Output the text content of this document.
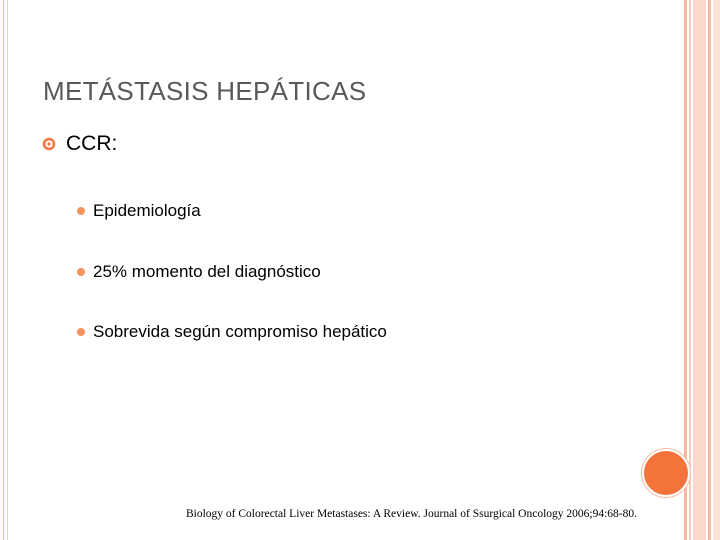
METÁSTASIS HEPÁTICAS
CCR:
Epidemiología
25% momento del diagnóstico
Sobrevida según compromiso hepático
Biology of Colorectal Liver Metastases: A Review. Journal of Ssurgical Oncology 2006;94:68-80.
